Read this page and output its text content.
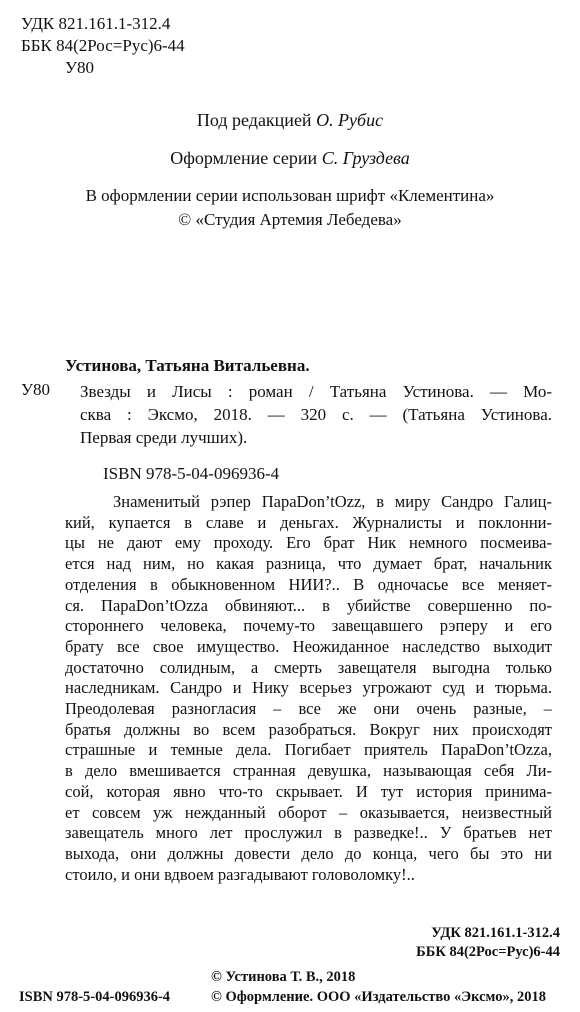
УДК 821.161.1-312.4
ББК 84(2Рос=Рус)6-44
У80
Под редакцией О. Рубис
Оформление серии С. Груздева
В оформлении серии использован шрифт «Клементина»
© «Студия Артемия Лебедева»
Устинова, Татьяна Витальевна.
У80 Звезды и Лисы : роман / Татьяна Устинова. — Мо-
сква : Эксмо, 2018. — 320 с. — (Татьяна Устинова.
Первая среди лучших).
ISBN 978-5-04-096936-4
Знаменитый рэпер ПараDon’tOzz, в миру Сандро Галиц-
кий, купается в славе и деньгах. Журналисты и поклонни-
цы не дают ему проходу. Его брат Ник немного посмеива-
ется над ним, но какая разница, что думает брат, начальник
отделения в обыкновенном НИИ?.. В одночасье все меняет-
ся. ПараDon’tOzza обвиняют... в убийстве совершенно по-
стороннего человека, почему-то завещавшего рэперу и его
брату все свое имущество. Неожиданное наследство выходит
достаточно солидным, а смерть завещателя выгодна только
наследникам. Сандро и Нику всерьез угрожают суд и тюрьма.
Преодолевая разногласия – все же они очень разные, –
братья должны во всем разобраться. Вокруг них происходят
страшные и темные дела. Погибает приятель ПараDon’tOzza,
в дело вмешивается странная девушка, называющая себя Ли-
сой, которая явно что-то скрывает. И тут история принима-
ет совсем уж нежданный оборот – оказывается, неизвестный
завещатель много лет прослужил в разведке!.. У братьев нет
выхода, они должны довести дело до конца, чего бы это ни
стоило, и они вдвоем разгадывают головоломку!..
УДК 821.161.1-312.4
ББК 84(2Рос=Рус)6-44
© Устинова Т. В., 2018
ISBN 978-5-04-096936-4	© Оформление. ООО «Издательство «Эксмо», 2018
